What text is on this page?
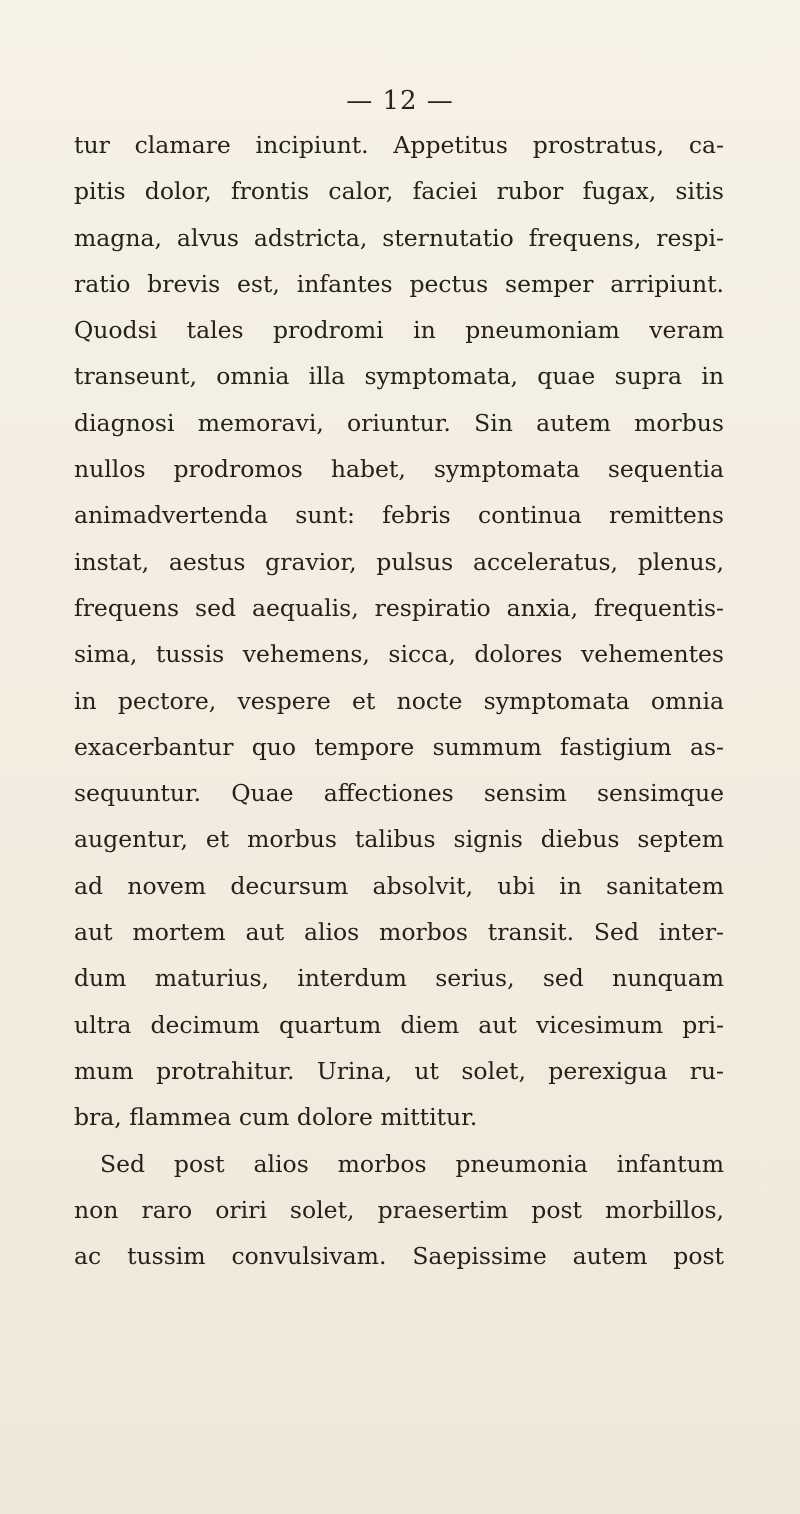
— 12 —
tur clamare incipiunt. Appetitus prostratus, ca-
pitis dolor, frontis calor, faciei rubor fugax, sitis
magna, alvus adstricta, sternutatio frequens, respi-
ratio brevis est, infantes pectus semper arripiunt.
Quodsi tales prodromi in pneumoniam veram
transeunt, omnia illa symptomata, quae supra in
diagnosi memoravi, oriuntur. Sin autem morbus
nullos prodromos habet, symptomata sequentia
animadvertenda sunt: febris continua remittens
instat, aestus gravior, pulsus acceleratus, plenus,
frequens sed aequalis, respiratio anxia, frequentis-
sima, tussis vehemens, sicca, dolores vehementes
in pectore, vespere et nocte symptomata omnia
exacerbantur quo tempore summum fastigium as-
sequuntur. Quae affectiones sensim sensimque
augentur, et morbus talibus signis diebus septem
ad novem decursum absolvit, ubi in sanitatem
aut mortem aut alios morbos transit. Sed inter-
dum maturius, interdum serius, sed nunquam
ultra decimum quartum diem aut vicesimum pri-
mum protrahitur. Urina, ut solet, perexigua ru-
bra, flammea cum dolore mittitur.
Sed post alios morbos pneumonia infantum
non raro oriri solet, praesertim post morbillos,
ac tussim convulsivam. Saepissime autem post
